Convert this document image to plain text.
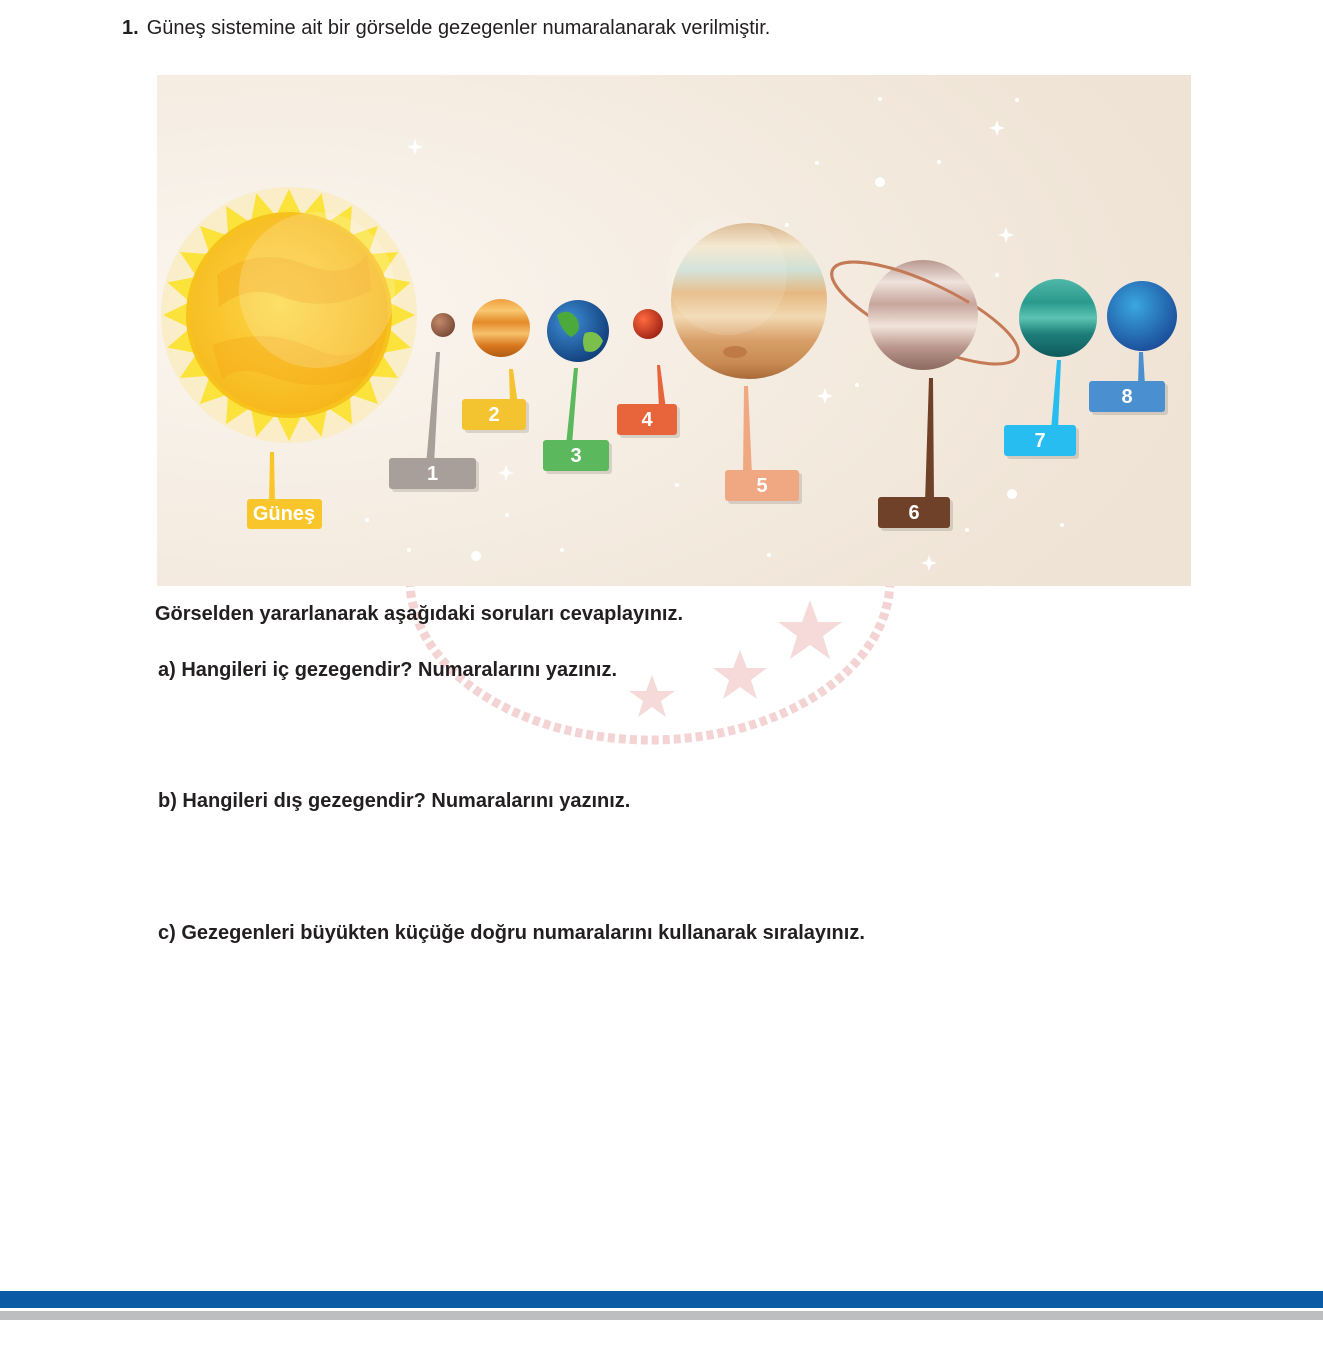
1. Güneş sistemine ait bir görselde gezegenler numaralanarak verilmiştir.
Güneş
1
2
3
4
5
6
7
8
Görselden yararlanarak aşağıdaki soruları cevaplayınız.
a) Hangileri iç gezegendir? Numaralarını yazınız.
b) Hangileri dış gezegendir? Numaralarını yazınız.
c) Gezegenleri büyükten küçüğe doğru numaralarını kullanarak sıralayınız.
